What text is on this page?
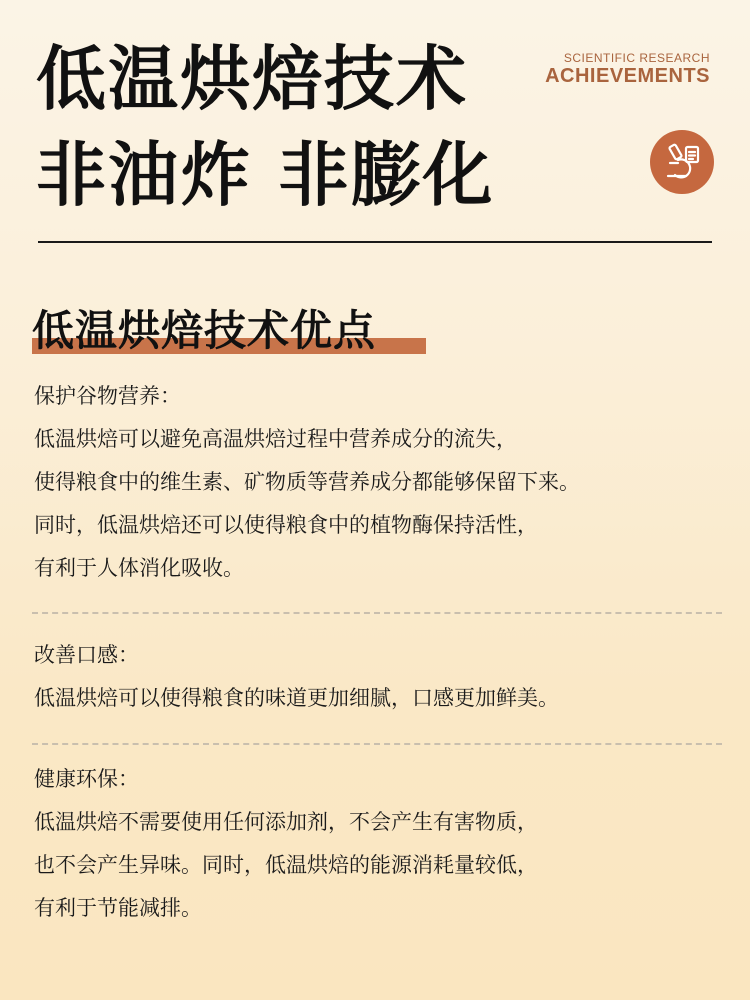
低温烘焙技术
非油炸 非膨化
SCIENTIFIC RESEARCH
ACHIEVEMENTS
低温烘焙技术优点

保护谷物营养：

低温烘焙可以避免高温烘焙过程中营养成分的流失，

使得粮食中的维生素、矿物质等营养成分都能够保留下来。

同时，低温烘焙还可以使得粮食中的植物酶保持活性，

有利于人体消化吸收。

改善口感：

低温烘焙可以使得粮食的味道更加细腻，口感更加鲜美。

健康环保：

低温烘焙不需要使用任何添加剂，不会产生有害物质，

也不会产生异味。同时，低温烘焙的能源消耗量较低，

有利于节能减排。
